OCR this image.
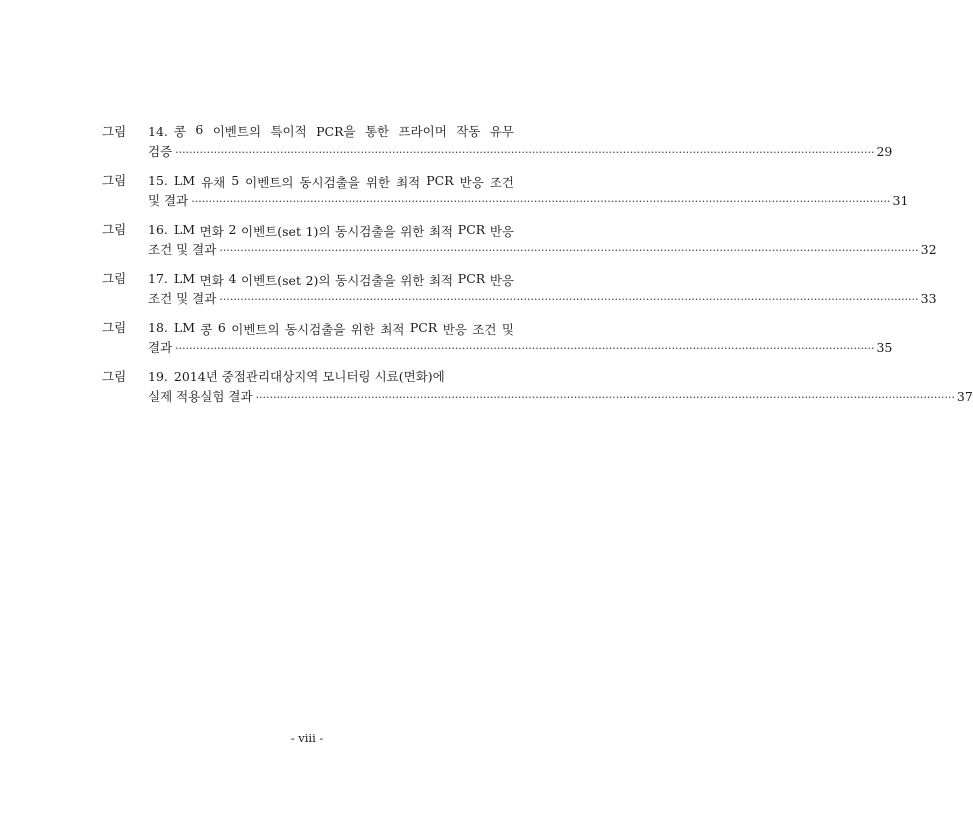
그림	14. 콩 6 이벤트의 특이적 PCR을 통한 프라이머 작동 유무
검증 ········································································································································································································ 29
그림	15. LM 유채 5 이벤트의 동시검출을 위한 최적 PCR 반응 조건
및 결과 ········································································································································································································ 31
그림	16. LM 면화 2 이벤트(set 1)의 동시검출을 위한 최적 PCR 반응
조건 및 결과 ········································································································································································································ 32
그림	17. LM 면화 4 이벤트(set 2)의 동시검출을 위한 최적 PCR 반응
조건 및 결과 ········································································································································································································ 33
그림	18. LM 콩 6 이벤트의 동시검출을 위한 최적 PCR 반응 조건 및
결과 ········································································································································································································ 35
그림	19. 2014년 중점관리대상지역 모니터링 시료(면화)에
실제 적용실험 결과 ········································································································································································································ 37
- viii -
